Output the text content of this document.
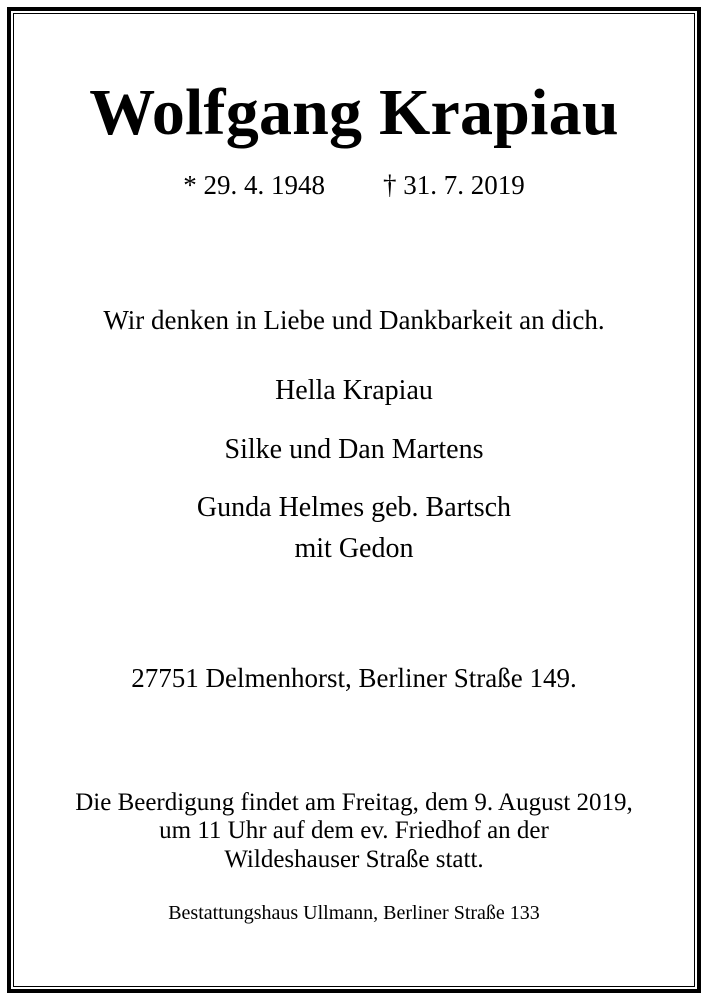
Wolfgang Krapiau
* 29. 4. 1948 † 31. 7. 2019
Wir denken in Liebe und Dankbarkeit an dich.
Hella Krapiau
Silke und Dan Martens
Gunda Helmes geb. Bartsch
mit Gedon
27751 Delmenhorst, Berliner Straße 149.
Die Beerdigung findet am Freitag, dem 9. August 2019,
um 11 Uhr auf dem ev. Friedhof an der
Wildeshauser Straße statt.
Bestattungshaus Ullmann, Berliner Straße 133
